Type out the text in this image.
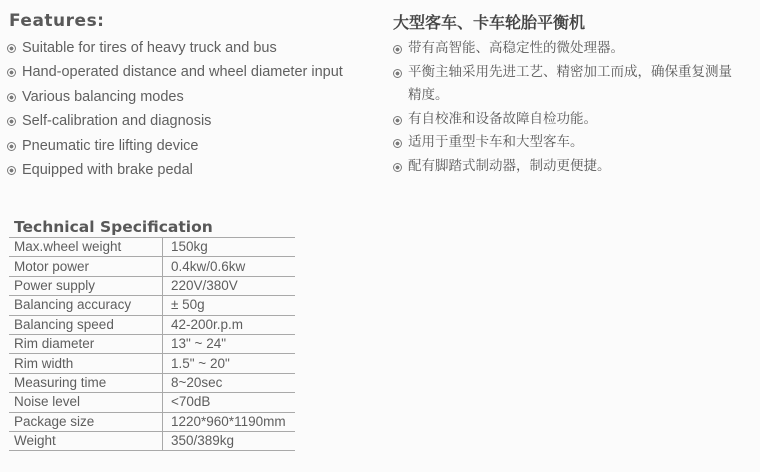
Features:
Suitable for tires of heavy truck and bus
Hand-operated distance and wheel diameter input
Various balancing modes
Self-calibration and diagnosis
Pneumatic tire lifting device
Equipped with brake pedal
大型客车、卡车轮胎平衡机
带有高智能、高稳定性的微处理器。
平衡主轴采用先进工艺、精密加工而成，确保重复测量精度。
有自校准和设备故障自检功能。
适用于重型卡车和大型客车。
配有脚踏式制动器，制动更便捷。
Technical Specification
Max.wheel weight	150kg
Motor power	0.4kw/0.6kw
Power supply	220V/380V
Balancing accuracy	± 50g
Balancing speed	42-200r.p.m
Rim diameter	13" ~ 24"
Rim width	1.5" ~ 20"
Measuring time	8~20sec
Noise level	<70dB
Package size	1220*960*1190mm
Weight	350/389kg
